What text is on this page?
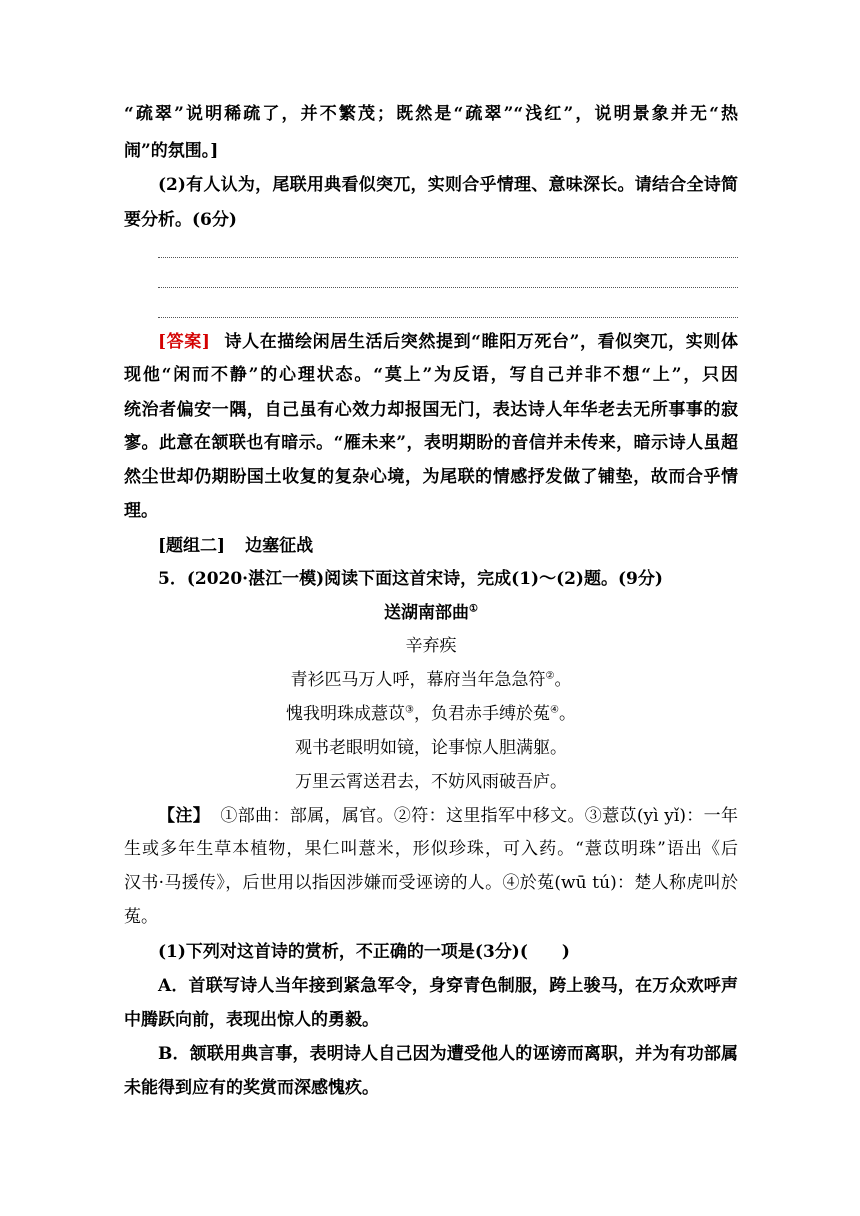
“疏翠”说明稀疏了，并不繁茂；既然是“疏翠”“浅红”，说明景象并无“热
闹”的氛围。]
(2)有人认为，尾联用典看似突兀，实则合乎情理、意味深长。请结合全诗简
要分析。(6分)
[答案] 诗人在描绘闲居生活后突然提到“睢阳万死台”，看似突兀，实则体
现他“闲而不静”的心理状态。“莫上”为反语，写自己并非不想“上”，只因
统治者偏安一隅，自己虽有心效力却报国无门，表达诗人年华老去无所事事的寂
寥。此意在颔联也有暗示。“雁未来”，表明期盼的音信并未传来，暗示诗人虽超
然尘世却仍期盼国土收复的复杂心境，为尾联的情感抒发做了铺垫，故而合乎情
理。
[题组二] 边塞征战
5．(2020·湛江一模)阅读下面这首宋诗，完成(1)～(2)题。(9分)
送湖南部曲①
辛弃疾
青衫匹马万人呼，幕府当年急急符②。
愧我明珠成薏苡③，负君赤手缚於菟④。
观书老眼明如镜，论事惊人胆满躯。
万里云霄送君去，不妨风雨破吾庐。
【注】 ①部曲：部属，属官。②符：这里指军中移文。③薏苡(yì yǐ)：一年
生或多年生草本植物，果仁叫薏米，形似珍珠，可入药。“薏苡明珠”语出《后
汉书·马援传》，后世用以指因涉嫌而受诬谤的人。④於菟(wū tú)：楚人称虎叫於
菟。
(1)下列对这首诗的赏析，不正确的一项是(3分)(　　)
A．首联写诗人当年接到紧急军令，身穿青色制服，跨上骏马，在万众欢呼声
中腾跃向前，表现出惊人的勇毅。
B．颔联用典言事，表明诗人自己因为遭受他人的诬谤而离职，并为有功部属
未能得到应有的奖赏而深感愧疚。
